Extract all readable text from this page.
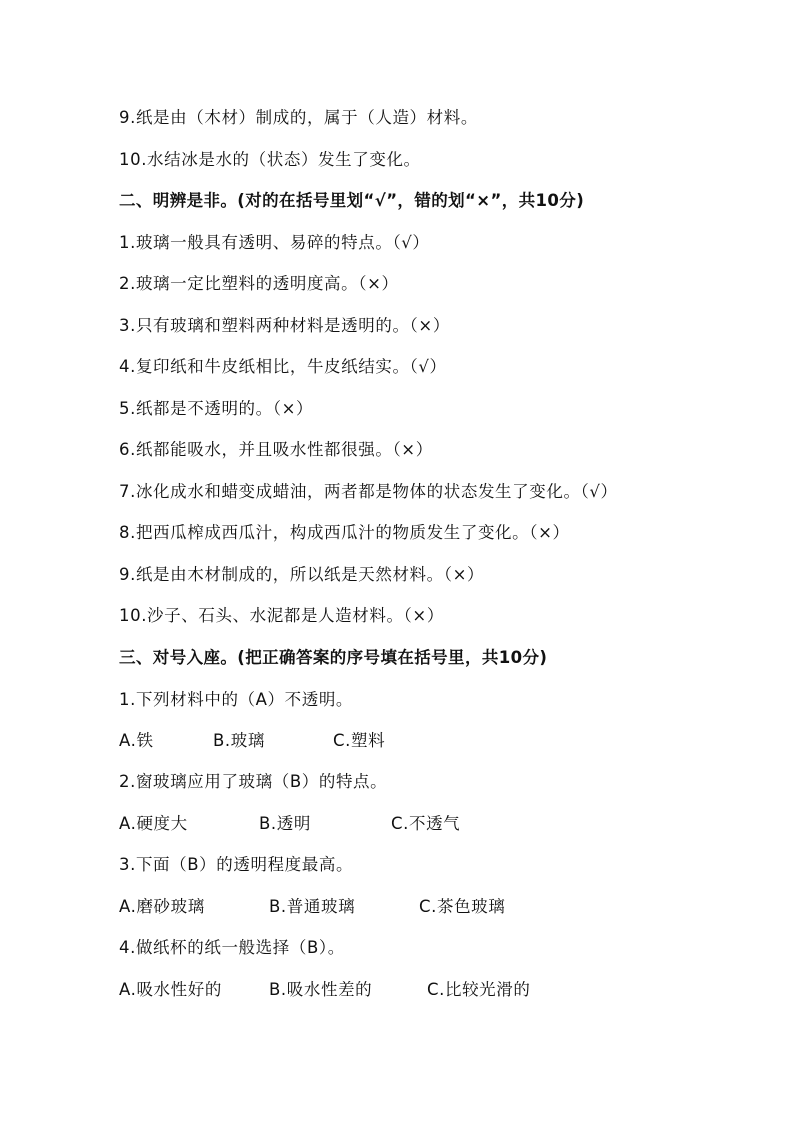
9.纸是由（木材）制成的，属于（人造）材料。
10.水结冰是水的（状态）发生了变化。
二、明辨是非。(对的在括号里划“√”，错的划“×”，共10分)
1.玻璃一般具有透明、易碎的特点。（√）
2.玻璃一定比塑料的透明度高。（×）
3.只有玻璃和塑料两种材料是透明的。（×）
4.复印纸和牛皮纸相比，牛皮纸结实。（√）
5.纸都是不透明的。（×）
6.纸都能吸水，并且吸水性都很强。（×）
7.冰化成水和蜡变成蜡油，两者都是物体的状态发生了变化。（√）
8.把西瓜榨成西瓜汁，构成西瓜汁的物质发生了变化。（×）
9.纸是由木材制成的，所以纸是天然材料。（×）
10.沙子、石头、水泥都是人造材料。（×）
三、对号入座。(把正确答案的序号填在括号里，共10分)
1.下列材料中的（A）不透明。
A.铁	B.玻璃	C.塑料
2.窗玻璃应用了玻璃（B）的特点。
A.硬度大	B.透明	C.不透气
3.下面（B）的透明程度最高。
A.磨砂玻璃	B.普通玻璃	C.茶色玻璃
4.做纸杯的纸一般选择（B）。
A.吸水性好的	B.吸水性差的	C.比较光滑的
